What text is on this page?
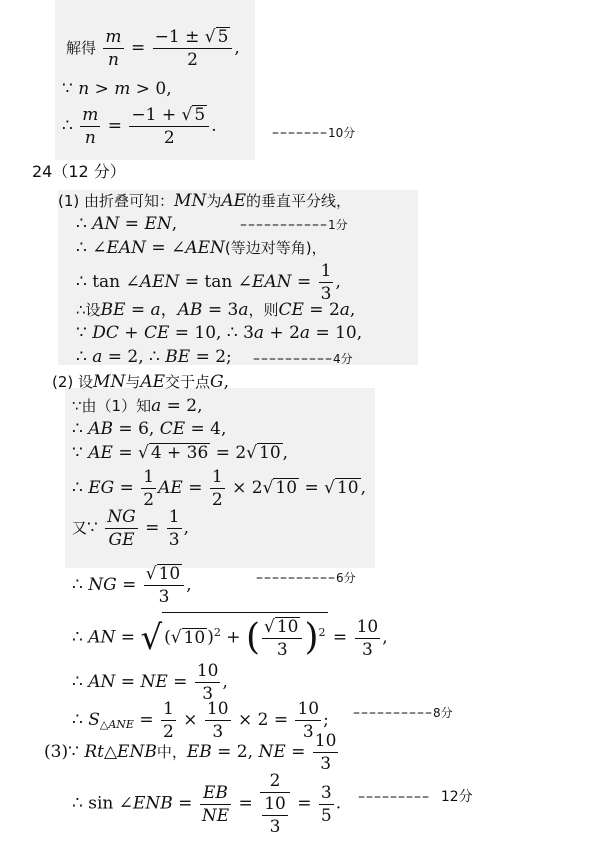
解得 $\frac{m}{n} = \frac{-1 \pm √ 5}{2}$ ,
∵ n > m > 0,
∴ $\frac{m}{n} = \frac{-1 + √ 5}{2}$ .	–––––––10分
24（12 分）
(1) 由折叠可知：MN为AE的垂直平分线，
∴ AN = EN,	–––––––––––1分
∴ ∠EAN = ∠AEN(等边对等角)，
∴ tan ∠AEN = tan ∠EAN = $\frac{1}{3}$ ,
∴设BE = a，AB = 3a，则CE = 2a,
∵ DC + CE = 10, ∴ 3a + 2a = 10,
∴ a = 2, ∴ BE = 2; ––––––––––4分
(2) 设MN与AE交于点G,
∵由（1）知a = 2,
∴ AB = 6, CE = 4,
∵ AE = √ 4 + 36 = 2√ 10 ,
∴ EG = $\frac{1}{2}$ AE = $\frac{1}{2} \times 2√$ 10 = √ 10 ,
又∵ $\frac{NG}{GE} = \frac{1}{3}$ ,
∴ NG = $\frac{√ 10}{3}$ ,	––––––––––6分
∴ AN = √(√ 10 )$^2$ + ( $\frac{√ 10}{3} )^2 = \frac{10}{3}$ ,
∴ AN = NE = $\frac{10}{3}$ ,
∴ $S_{\triangle ANE} = \frac{1}{2} \times \frac{10}{3} \times 2 = \frac{10}{3}$ ; ––––––––––8分
(3)∵ Rt△ENB中，EB = 2, NE = $\frac{10}{3}$
∴ sin ∠ENB = $\frac{EB}{NE} = \frac{2}{\frac{10}{3}} = \frac{3}{5}$ . ––––––––– 12分
